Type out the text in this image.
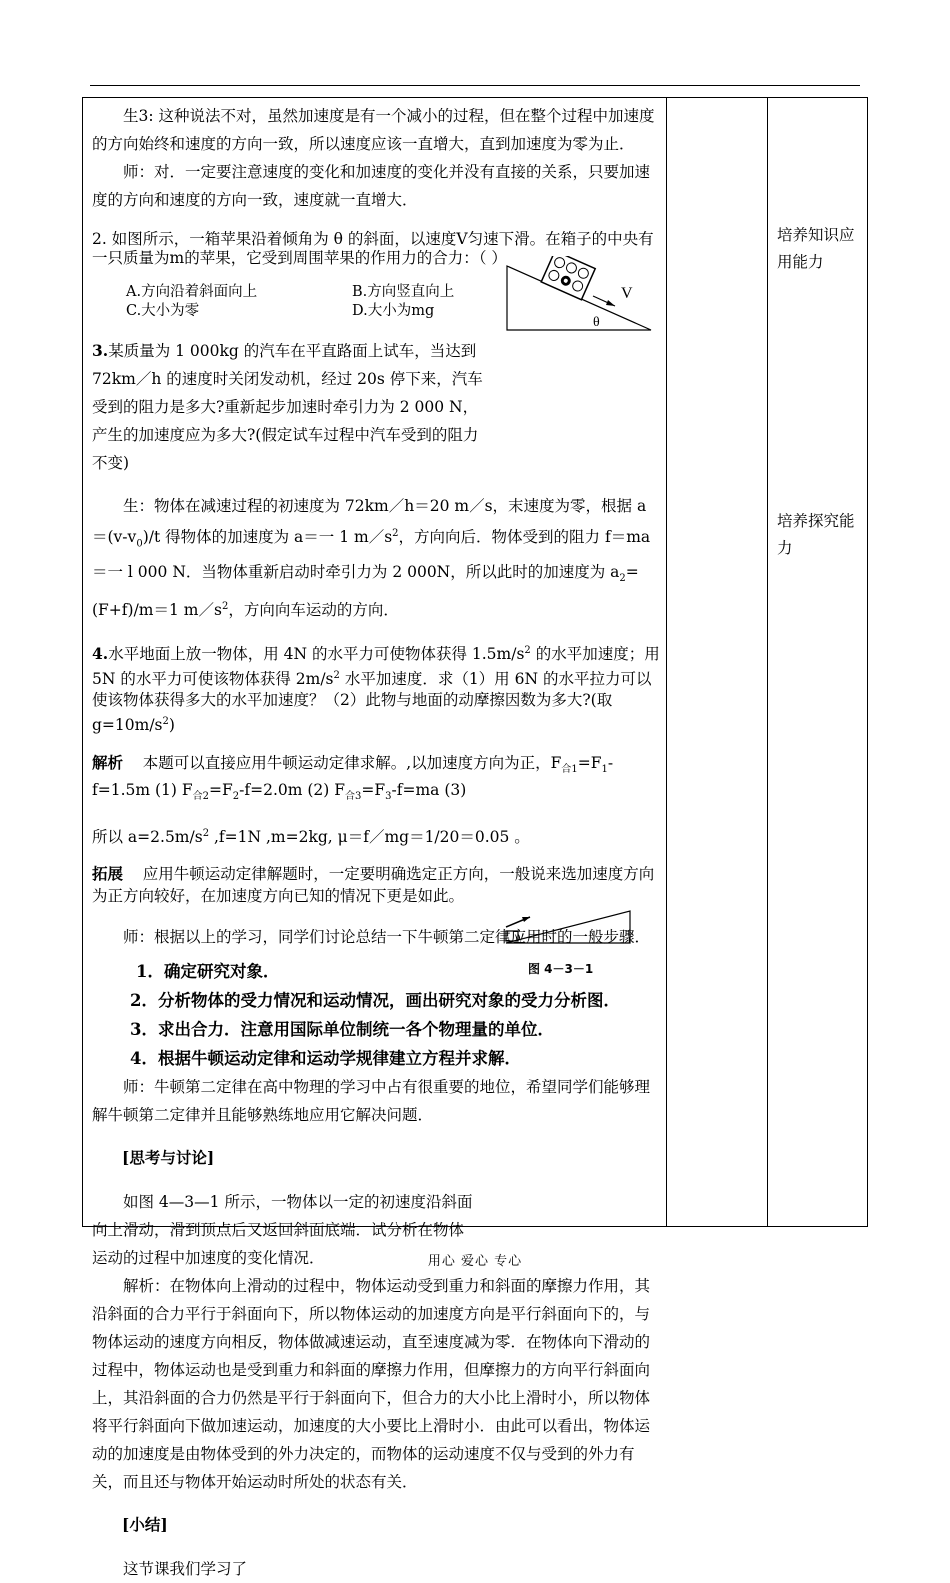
生3: 这种说法不对，虽然加速度是有一个减小的过程，但在整个过程中加速度的方向始终和速度的方向一致，所以速度应该一直增大，直到加速度为零为止．

师：对．一定要注意速度的变化和加速度的变化并没有直接的关系，只要加速度的方向和速度的方向一致，速度就一直增大．

2. 如图所示，一箱苹果沿着倾角为 θ 的斜面，以速度V匀速下滑。在箱子的中央有一只质量为m的苹果，它受到周围苹果的作用力的合力：（ ）

A.方向沿着斜面向上	B.方向竖直向上
C.大小为零	D.大小为mg

3.某质量为 1 000kg 的汽车在平直路面上试车，当达到 72km／h 的速度时关闭发动机，经过 20s 停下来，汽车受到的阻力是多大?重新起步加速时牵引力为 2 000 N，产生的加速度应为多大?(假定试车过程中汽车受到的阻力不变)

生：物体在减速过程的初速度为 72km／h＝20 m／s，末速度为零，根据 $a=(v-v_0)/t$ 得物体的加速度为 a＝一 1 $m/s^2$，方向向后．物体受到的阻力 f＝ma＝一 l 000 N．当物体重新启动时牵引力为 2 000N，所以此时的加速度为 $a_2=(F+f)/m=1$ $m/s^2$，方向向车运动的方向．

4.水平地面上放一物体，用 4N 的水平力可使物体获得 $1.5m/s^2$ 的水平加速度；用 5N 的水平力可使该物体获得 $2m/s^2$ 水平加速度．求（1）用 6N 的水平拉力可以使该物体获得多大的水平加速度？（2）此物与地面的动摩擦因数为多大?(取 $g=10m/s^2$)

解析 本题可以直接应用牛顿运动定律求解。,以加速度方向为正，$F_{合1}=F_1-f=1.5m$ (1) $F_{合2}=F_2-f=2.0m$ (2) $F_{合3}=F_3-f=ma$ (3)

所以 $a=2.5m/s^2$ ,f=1N ,m=2kg, μ＝f／mg＝1/20＝0.05 。

拓展 应用牛顿运动定律解题时，一定要明确选定正方向，一般说来选加速度方向为正方向较好，在加速度方向已知的情况下更是如此。

师：根据以上的学习，同学们讨论总结一下牛顿第二定律应用时的一般步骤．

1．确定研究对象．

2．分析物体的受力情况和运动情况，画出研究对象的受力分析图．

3．求出合力．注意用国际单位制统一各个物理量的单位．

4．根据牛顿运动定律和运动学规律建立方程并求解．

师：牛顿第二定律在高中物理的学习中占有很重要的地位，希望同学们能够理解牛顿第二定律并且能够熟练地应用它解决问题．

[思考与讨论]

如图 4—3—1 所示，一物体以一定的初速度沿斜面向上滑动，滑到顶点后又返回斜面底端．试分析在物体运动的过程中加速度的变化情况．

解析：在物体向上滑动的过程中，物体运动受到重力和斜面的摩擦力作用，其沿斜面的合力平行于斜面向下，所以物体运动的加速度方向是平行斜面向下的，与物体运动的速度方向相反，物体做减速运动，直至速度减为零．在物体向下滑动的过程中，物体运动也是受到重力和斜面的摩擦力作用，但摩擦力的方向平行斜面向上，其沿斜面的合力仍然是平行于斜面向下，但合力的大小比上滑时小，所以物体将平行斜面向下做加速运动，加速度的大小要比上滑时小．由此可以看出，物体运动的加速度是由物体受到的外力决定的，而物体的运动速度不仅与受到的外力有关，而且还与物体开始运动时所处的状态有关．

[小结]

这节课我们学习了

V
θ
图 4－3－1
培养知识应用能力
培养探究能力
用心 爱心 专心
